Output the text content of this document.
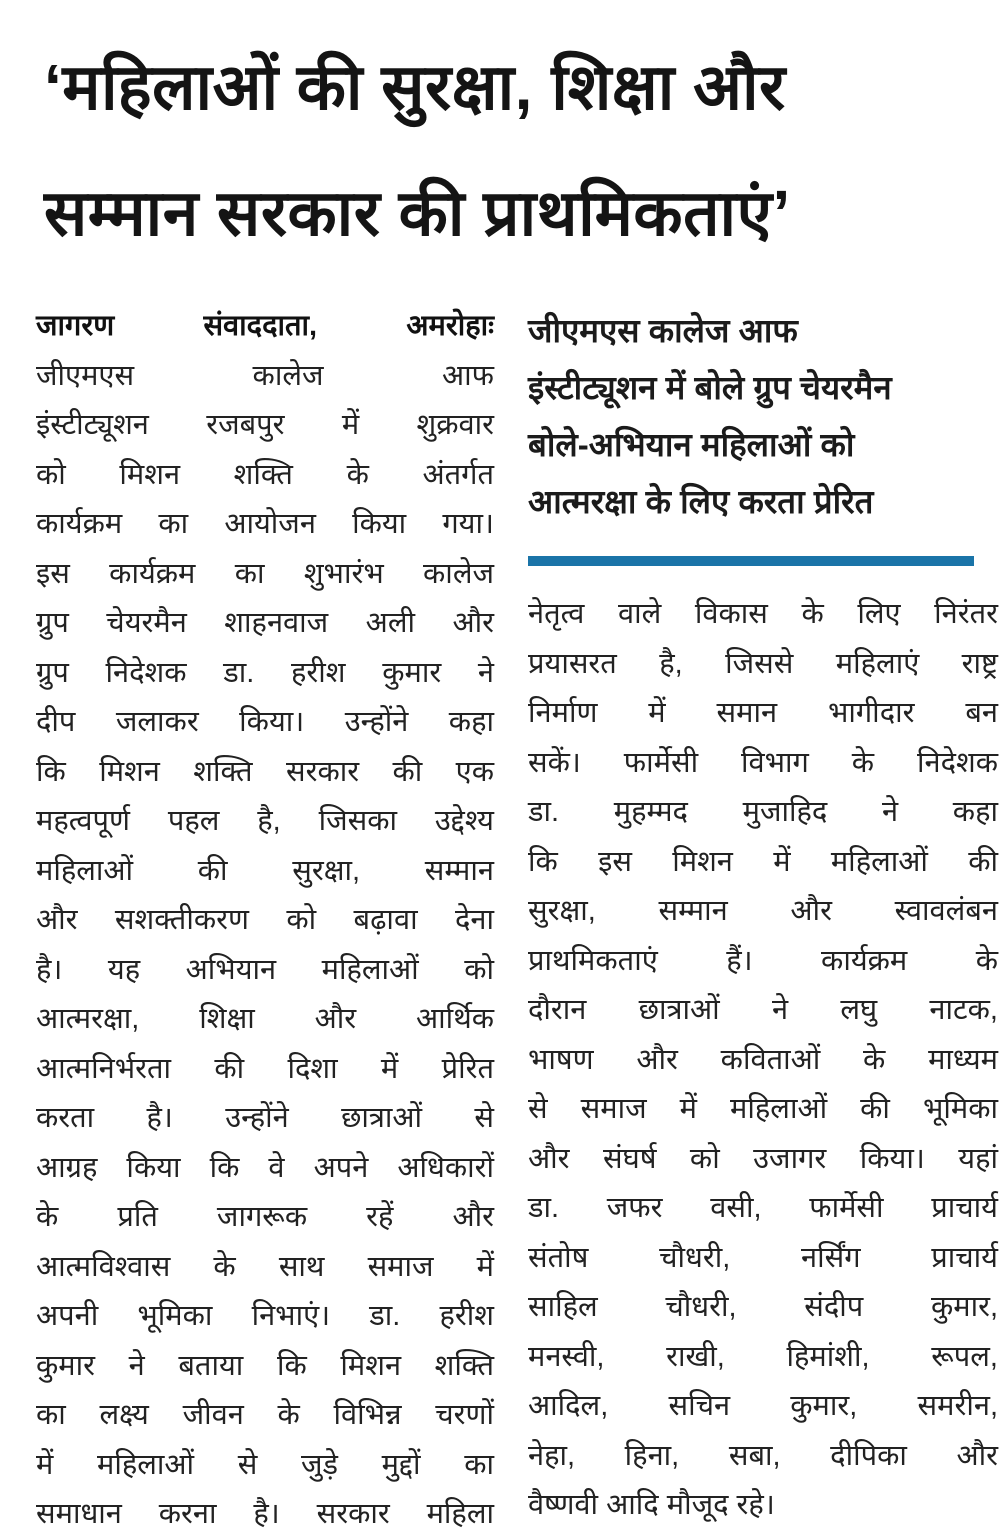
‘महिलाओं की सुरक्षा, शिक्षा और
सम्मान सरकार की प्राथमिकताएं’
जागरण संवाददाता, अमरोहाः
जीएमएस कालेज आफ
इंस्टीट्यूशन रजबपुर में शुक्रवार
को मिशन शक्ति के अंतर्गत
कार्यक्रम का आयोजन किया गया।
इस कार्यक्रम का शुभारंभ कालेज
ग्रुप चेयरमैन शाहनवाज अली और
ग्रुप निदेशक डा. हरीश कुमार ने
दीप जलाकर किया। उन्होंने कहा
कि मिशन शक्ति सरकार की एक
महत्वपूर्ण पहल है, जिसका उद्देश्य
महिलाओं की सुरक्षा, सम्मान
और सशक्तीकरण को बढ़ावा देना
है। यह अभियान महिलाओं को
आत्मरक्षा, शिक्षा और आर्थिक
आत्मनिर्भरता की दिशा में प्रेरित
करता है। उन्होंने छात्राओं से
आग्रह किया कि वे अपने अधिकारों
के प्रति जागरूक रहें और
आत्मविश्वास के साथ समाज में
अपनी भूमिका निभाएं। डा. हरीश
कुमार ने बताया कि मिशन शक्ति
का लक्ष्य जीवन के विभिन्न चरणों
में महिलाओं से जुड़े मुद्दों का
समाधान करना है। सरकार महिला
जीएमएस कालेज आफ
इंस्टीट्यूशन में बोले ग्रुप चेयरमैन
बोले-अभियान महिलाओं को
आत्मरक्षा के लिए करता प्रेरित
नेतृत्व वाले विकास के लिए निरंतर
प्रयासरत है, जिससे महिलाएं राष्ट्र
निर्माण में समान भागीदार बन
सकें। फार्मेसी विभाग के निदेशक
डा. मुहम्मद मुजाहिद ने कहा
कि इस मिशन में महिलाओं की
सुरक्षा, सम्मान और स्वावलंबन
प्राथमिकताएं हैं। कार्यक्रम के
दौरान छात्राओं ने लघु नाटक,
भाषण और कविताओं के माध्यम
से समाज में महिलाओं की भूमिका
और संघर्ष को उजागर किया। यहां
डा. जफर वसी, फार्मेसी प्राचार्य
संतोष चौधरी, नर्सिंग प्राचार्य
साहिल चौधरी, संदीप कुमार,
मनस्वी, राखी, हिमांशी, रूपल,
आदिल, सचिन कुमार, समरीन,
नेहा, हिना, सबा, दीपिका और
वैष्णवी आदि मौजूद रहे।
